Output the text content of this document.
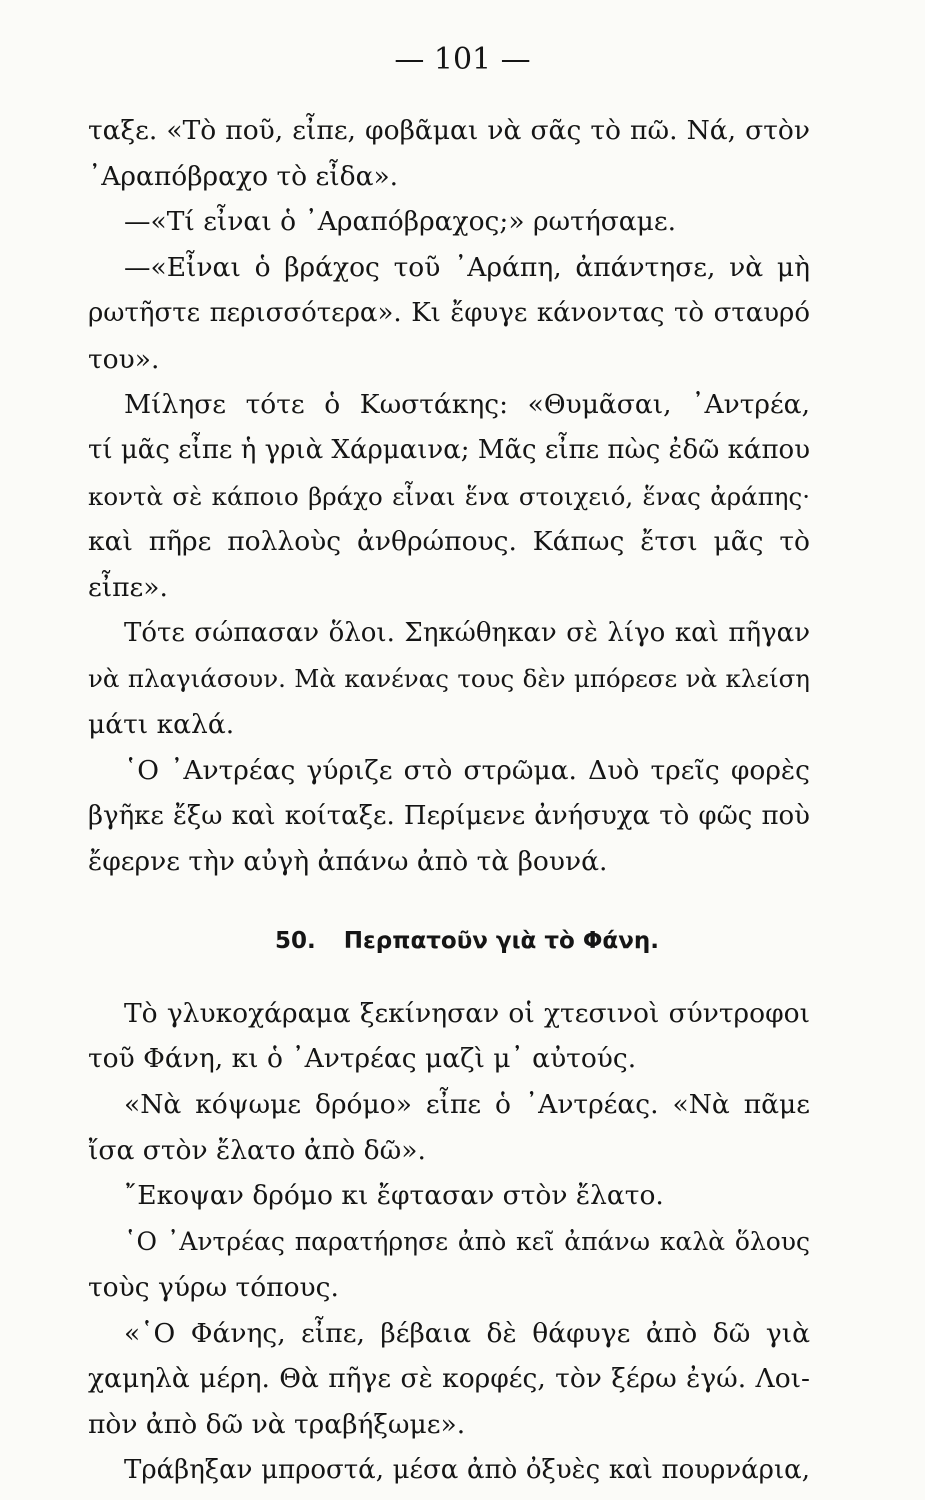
— 101 —
ταξε. «Τὸ ποῦ, εἶπε, φοβᾶμαι νὰ σᾶς τὸ πῶ. Νά, στὸν
᾿Αραπόβραχο τὸ εἶδα».
—«Τί εἶναι ὁ ᾿Αραπόβραχος;» ρωτήσαμε.
—«Εἶναι ὁ βράχος τοῦ ᾿Αράπη, ἀπάντησε, νὰ μὴ
ρωτῆστε περισσότερα». Κι ἔφυγε κάνοντας τὸ σταυρό
του».
Μίλησε τότε ὁ Κωστάκης: «Θυμᾶσαι, ᾿Αντρέα,
τί μᾶς εἶπε ἡ γριὰ Χάρμαινα; Μᾶς εἶπε πὼς ἐδῶ κάπου
κοντὰ σὲ κάποιο βράχο εἶναι ἕνα στοιχειό, ἕνας ἀράπης·
καὶ πῆρε πολλοὺς ἀνθρώπους. Κάπως ἔτσι μᾶς τὸ
εἶπε».
Τότε σώπασαν ὅλοι. Σηκώθηκαν σὲ λίγο καὶ πῆγαν
νὰ πλαγιάσουν. Μὰ κανένας τους δὲν μπόρεσε νὰ κλείση
μάτι καλά.
῾Ο ᾿Αντρέας γύριζε στὸ στρῶμα. Δυὸ τρεῖς φορὲς
βγῆκε ἔξω καὶ κοίταξε. Περίμενε ἀνήσυχα τὸ φῶς ποὺ
ἔφερνε τὴν αὐγὴ ἀπάνω ἀπὸ τὰ βουνά.
50. Περπατοῦν γιὰ τὸ Φάνη.
Τὸ γλυκοχάραμα ξεκίνησαν οἱ χτεσινοὶ σύντροφοι
τοῦ Φάνη, κι ὁ ᾿Αντρέας μαζὶ μ᾿ αὐτούς.
«Νὰ κόψωμε δρόμο» εἶπε ὁ ᾿Αντρέας. «Νὰ πᾶμε
ἴσα στὸν ἔλατο ἀπὸ δῶ».
῎Εκοψαν δρόμο κι ἔφτασαν στὸν ἔλατο.
῾Ο ᾿Αντρέας παρατήρησε ἀπὸ κεῖ ἀπάνω καλὰ ὅλους
τοὺς γύρω τόπους.
«῾Ο Φάνης, εἶπε, βέβαια δὲ θάφυγε ἀπὸ δῶ γιὰ
χαμηλὰ μέρη. Θὰ πῆγε σὲ κορφές, τὸν ξέρω ἐγώ. Λοι-
πὸν ἀπὸ δῶ νὰ τραβήξωμε».
Τράβηξαν μπροστά, μέσα ἀπὸ ὀξυὲς καὶ πουρνάρια,
